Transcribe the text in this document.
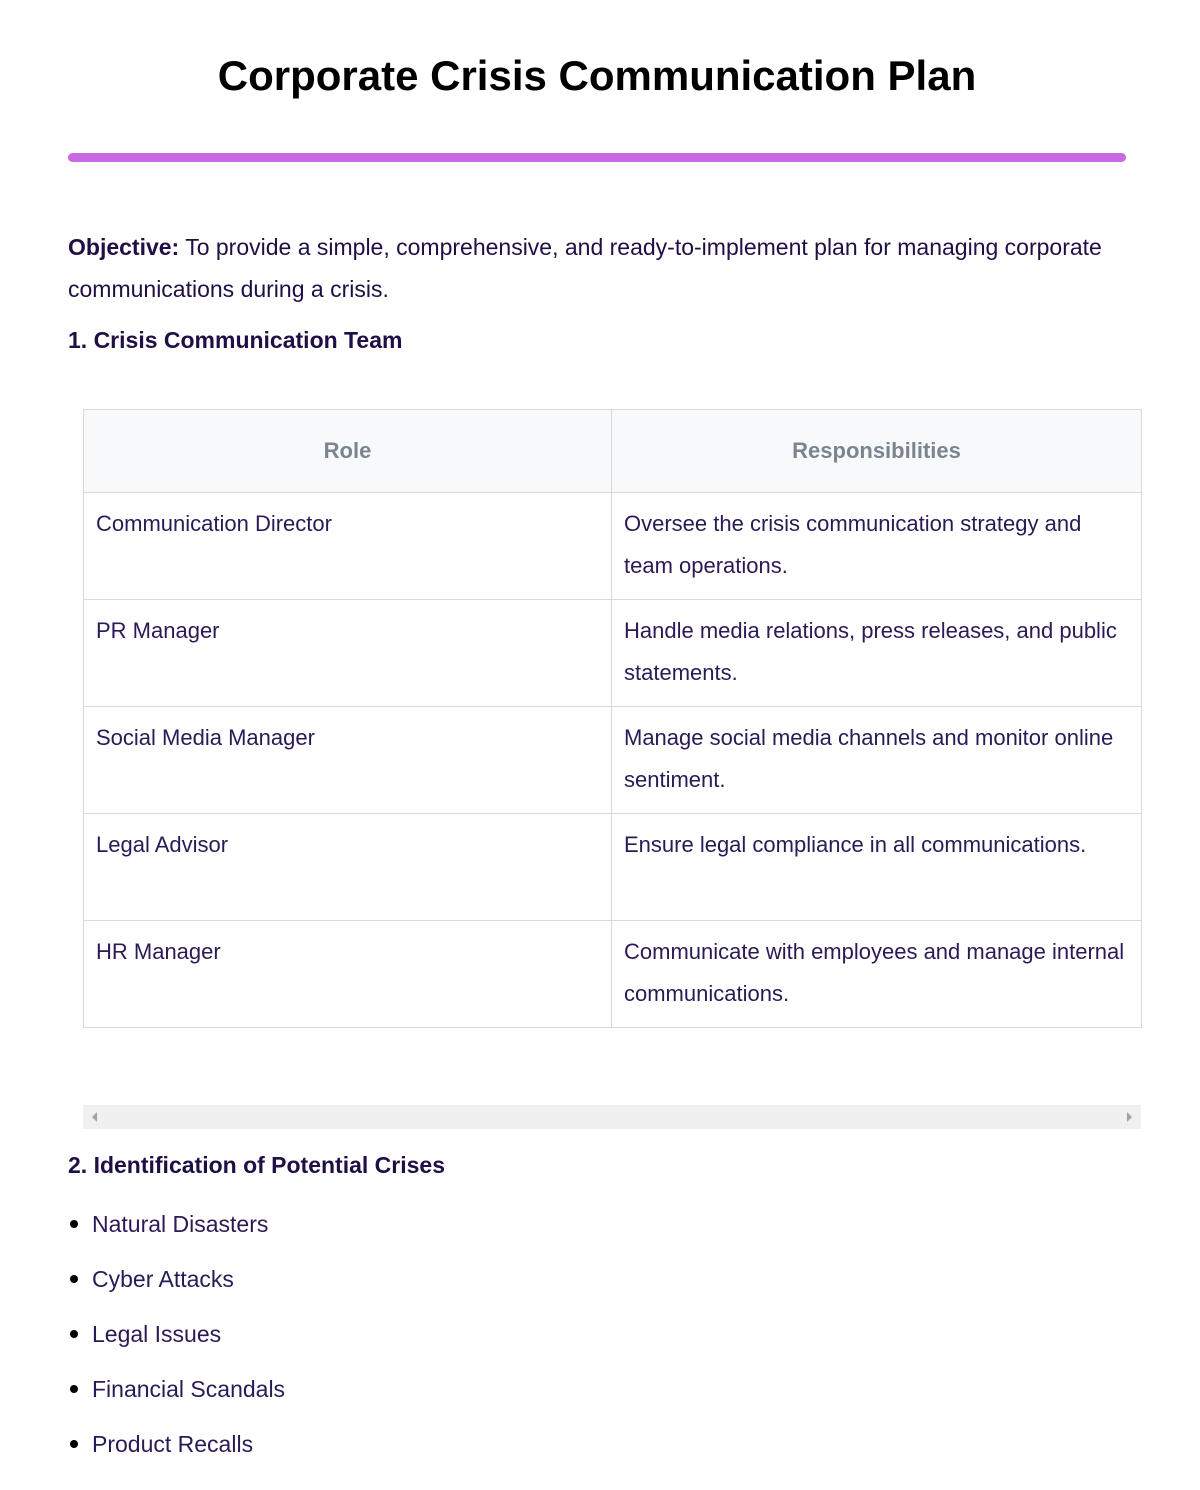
Corporate Crisis Communication Plan

Objective: To provide a simple, comprehensive, and ready-to-implement plan for managing corporate communications during a crisis.

1. Crisis Communication Team
Role	Responsibilities
Communication Director	Oversee the crisis communication strategy and team operations.
PR Manager	Handle media relations, press releases, and public statements.
Social Media Manager	Manage social media channels and monitor online sentiment.
Legal Advisor	Ensure legal compliance in all communications.
HR Manager	Communicate with employees and manage internal communications.
2. Identification of Potential Crises
Natural Disasters
Cyber Attacks
Legal Issues
Financial Scandals
Product Recalls
